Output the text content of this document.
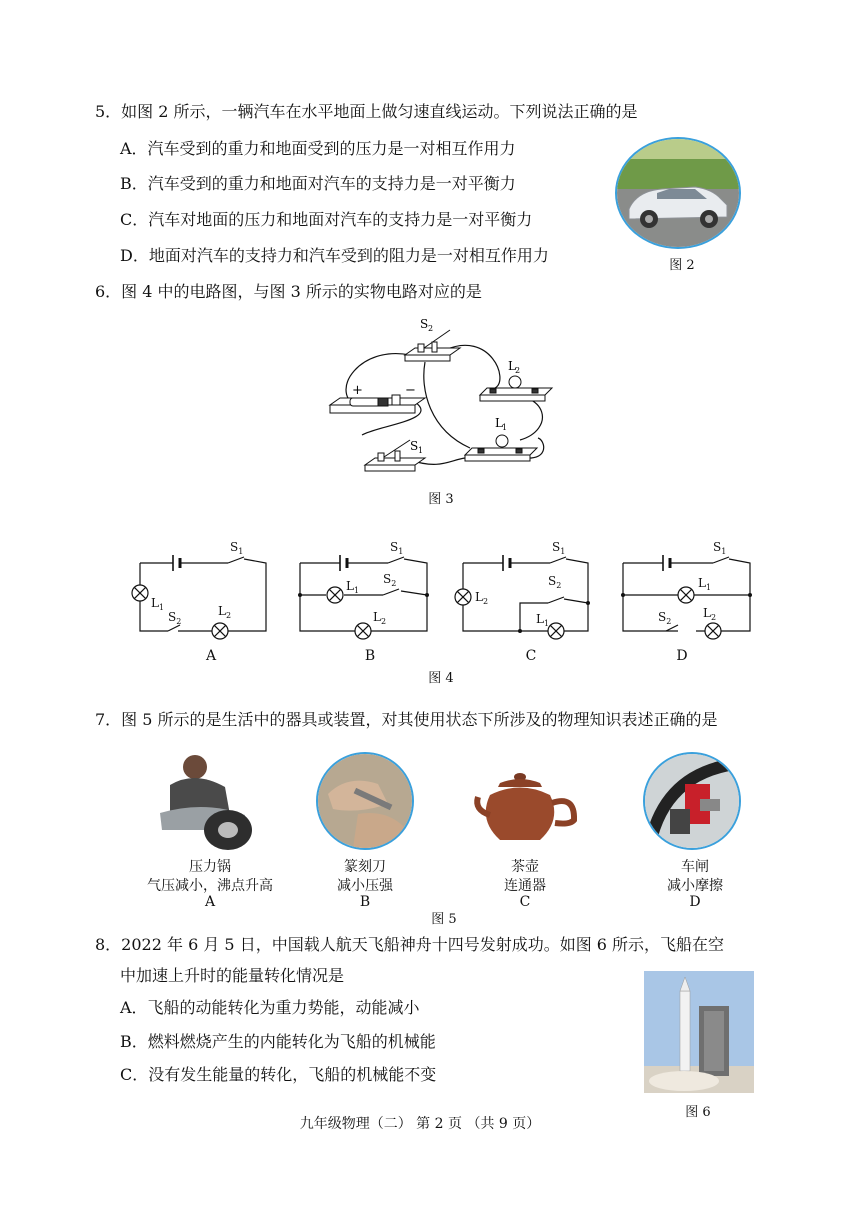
5．如图 2 所示，一辆汽车在水平地面上做匀速直线运动。下列说法正确的是
A．汽车受到的重力和地面受到的压力是一对相互作用力
B．汽车受到的重力和地面对汽车的支持力是一对平衡力
C．汽车对地面的压力和地面对汽车的支持力是一对平衡力
D．地面对汽车的支持力和汽车受到的阻力是一对相互作用力
图 2
6．图 4 中的电路图，与图 3 所示的实物电路对应的是
S 2
L 2
L 1
S 1
+	−
图 3
$S_1$
$L_1$
$S_2$
$L_2$
$S_1$
$L_1$
$S_2$
$L_2$
$S_1$
$L_2$
$S_2$
$L_1$
$S_1$
$L_1$
$S_2$
$L_2$
A	B	C	D
图 4
7．图 5 所示的是生活中的器具或装置，对其使用状态下所涉及的物理知识表述正确的是
压力锅
气压减小，沸点升高
A
篆刻刀
减小压强
B
茶壶
连通器
C
车闸
减小摩擦
D
图 5
8．2022 年 6 月 5 日，中国载人航天飞船神舟十四号发射成功。如图 6 所示，飞船在空
中加速上升时的能量转化情况是
A．飞船的动能转化为重力势能，动能减小
B．燃料燃烧产生的内能转化为飞船的机械能
C．没有发生能量的转化，飞船的机械能不变
图 6
九年级物理（二） 第 2 页 （共 9 页）
